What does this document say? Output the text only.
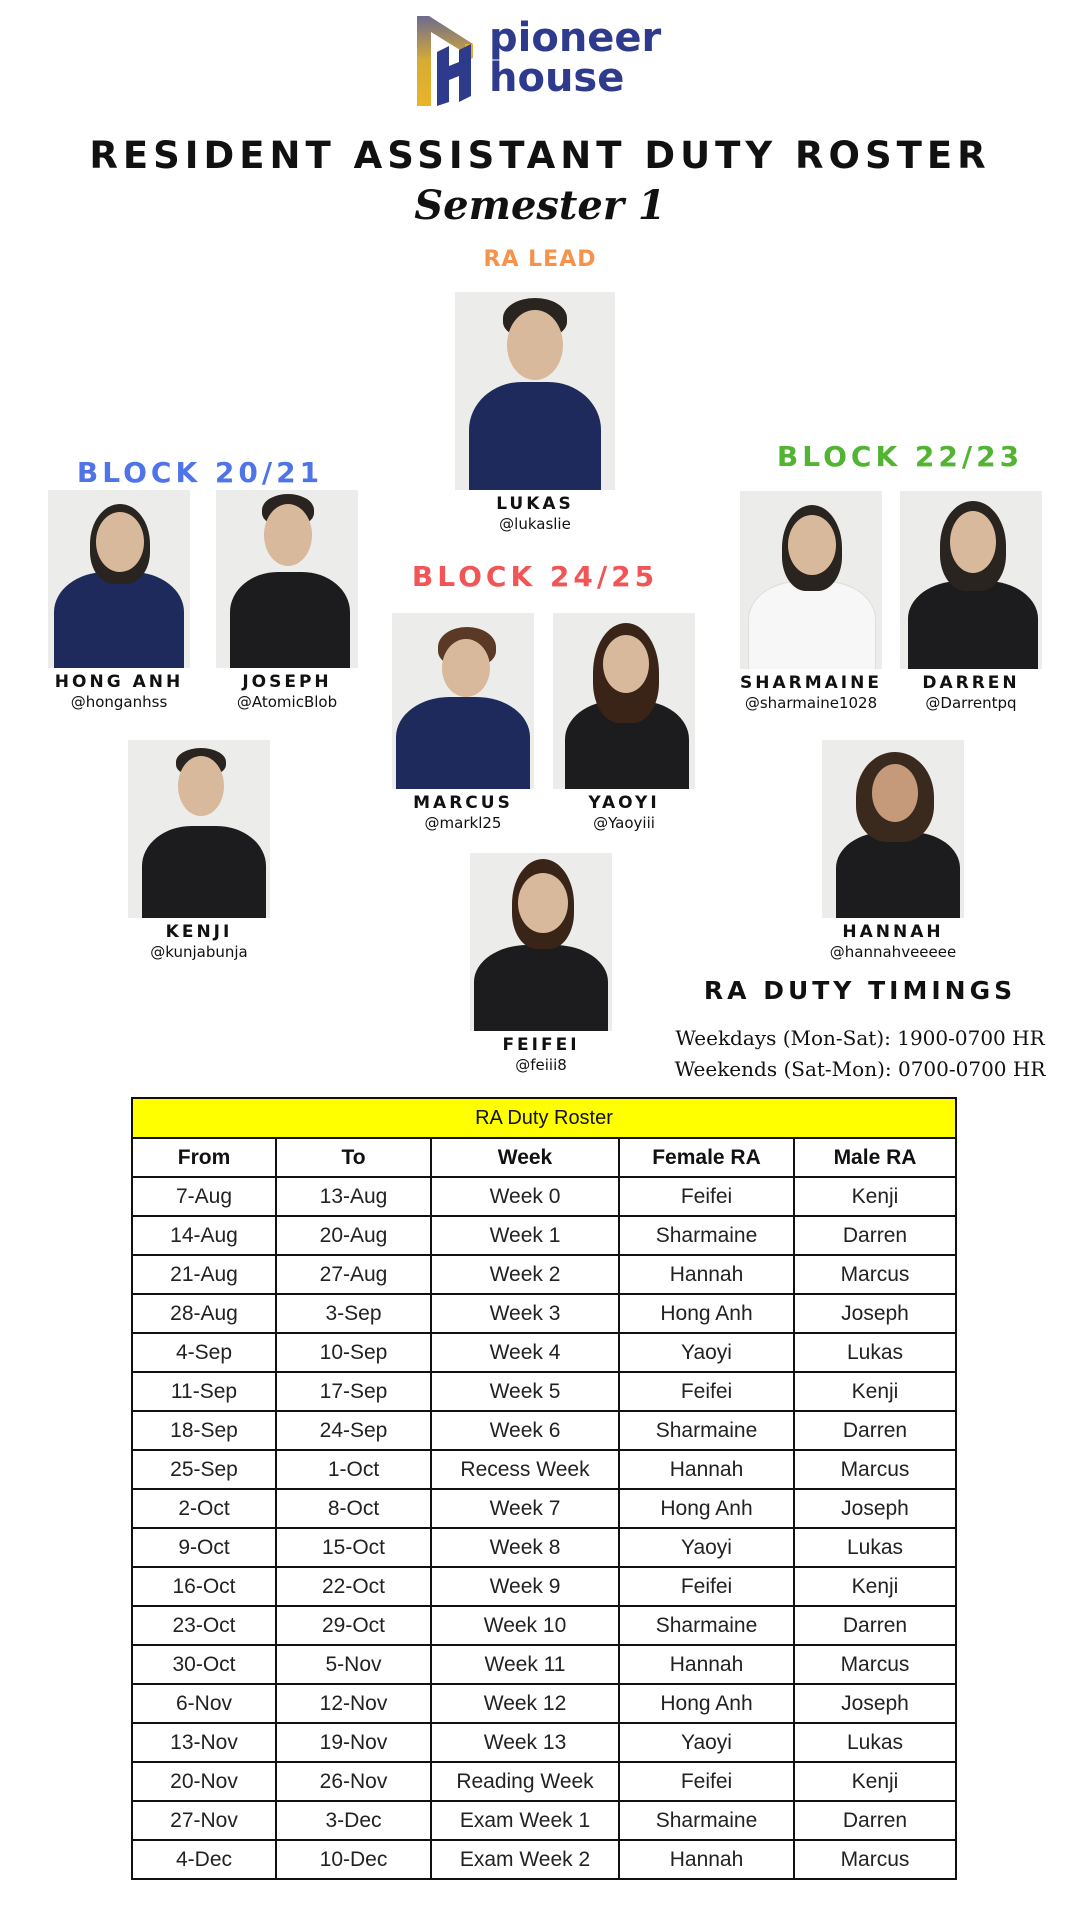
pioneer
house
RESIDENT ASSISTANT DUTY ROSTER
Semester 1
RA LEAD
LUKAS
@lukaslie
BLOCK 20/21
HONG ANH
@honganhss
JOSEPH
@AtomicBlob
KENJI
@kunjabunja
BLOCK 24/25
MARCUS
@markl25
YAOYI
@Yaoyiii
FEIFEI
@feiii8
BLOCK 22/23
SHARMAINE
@sharmaine1028
DARREN
@Darrentpq
HANNAH
@hannahveeeee
RA DUTY TIMINGS
Weekdays (Mon-Sat): 1900-0700 HR
Weekends (Sat-Mon): 0700-0700 HR
RA Duty Roster				
From	To	Week	Female RA	Male RA
7-Aug	13-Aug	Week 0	Feifei	Kenji
14-Aug	20-Aug	Week 1	Sharmaine	Darren
21-Aug	27-Aug	Week 2	Hannah	Marcus
28-Aug	3-Sep	Week 3	Hong Anh	Joseph
4-Sep	10-Sep	Week 4	Yaoyi	Lukas
11-Sep	17-Sep	Week 5	Feifei	Kenji
18-Sep	24-Sep	Week 6	Sharmaine	Darren
25-Sep	1-Oct	Recess Week	Hannah	Marcus
2-Oct	8-Oct	Week 7	Hong Anh	Joseph
9-Oct	15-Oct	Week 8	Yaoyi	Lukas
16-Oct	22-Oct	Week 9	Feifei	Kenji
23-Oct	29-Oct	Week 10	Sharmaine	Darren
30-Oct	5-Nov	Week 11	Hannah	Marcus
6-Nov	12-Nov	Week 12	Hong Anh	Joseph
13-Nov	19-Nov	Week 13	Yaoyi	Lukas
20-Nov	26-Nov	Reading Week	Feifei	Kenji
27-Nov	3-Dec	Exam Week 1	Sharmaine	Darren
4-Dec	10-Dec	Exam Week 2	Hannah	Marcus
